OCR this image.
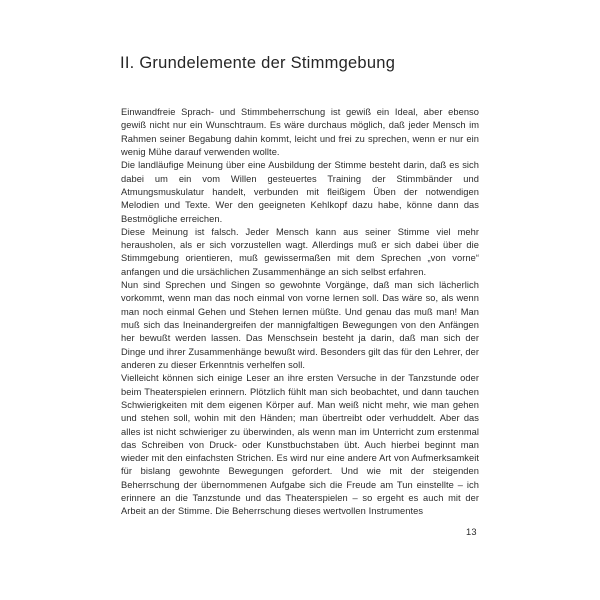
II. Grundelemente der Stimmgebung

Einwandfreie Sprach- und Stimmbeherrschung ist gewiß ein Ideal, aber ebenso gewiß nicht nur ein Wunschtraum. Es wäre durchaus möglich, daß jeder Mensch im Rahmen seiner Begabung dahin kommt, leicht und frei zu sprechen, wenn er nur ein wenig Mühe darauf verwenden wollte.

Die landläufige Meinung über eine Ausbildung der Stimme besteht darin, daß es sich dabei um ein vom Willen gesteuertes Training der Stimmbänder und Atmungsmuskulatur handelt, verbunden mit fleißigem Üben der notwendigen Melodien und Texte. Wer den geeigneten Kehlkopf dazu habe, könne dann das Bestmögliche erreichen.

Diese Meinung ist falsch. Jeder Mensch kann aus seiner Stimme viel mehr herausholen, als er sich vorzustellen wagt. Allerdings muß er sich dabei über die Stimmgebung orientieren, muß gewissermaßen mit dem Sprechen „von vorne“ anfangen und die ursächlichen Zusammenhänge an sich selbst erfahren.

Nun sind Sprechen und Singen so gewohnte Vorgänge, daß man sich lächerlich vorkommt, wenn man das noch einmal von vorne lernen soll. Das wäre so, als wenn man noch einmal Gehen und Stehen lernen müßte. Und genau das muß man! Man muß sich das Ineinandergreifen der mannigfaltigen Bewegungen von den Anfängen her bewußt werden lassen. Das Menschsein besteht ja darin, daß man sich der Dinge und ihrer Zusammenhänge bewußt wird. Besonders gilt das für den Lehrer, der anderen zu dieser Erkenntnis verhelfen soll.

Vielleicht können sich einige Leser an ihre ersten Versuche in der Tanzstunde oder beim Theaterspielen erinnern. Plötzlich fühlt man sich beobachtet, und dann tauchen Schwierigkeiten mit dem eigenen Körper auf. Man weiß nicht mehr, wie man gehen und stehen soll, wohin mit den Händen; man übertreibt oder verhuddelt. Aber das alles ist nicht schwieriger zu überwinden, als wenn man im Unterricht zum erstenmal das Schreiben von Druck- oder Kunstbuchstaben übt. Auch hierbei beginnt man wieder mit den einfachsten Strichen. Es wird nur eine andere Art von Aufmerksamkeit für bislang gewohnte Bewegungen gefordert. Und wie mit der steigenden Beherrschung der übernommenen Aufgabe sich die Freude am Tun einstellte – ich erinnere an die Tanzstunde und das Theaterspielen – so ergeht es auch mit der Arbeit an der Stimme. Die Beherrschung dieses wertvollen Instrumentes

13
